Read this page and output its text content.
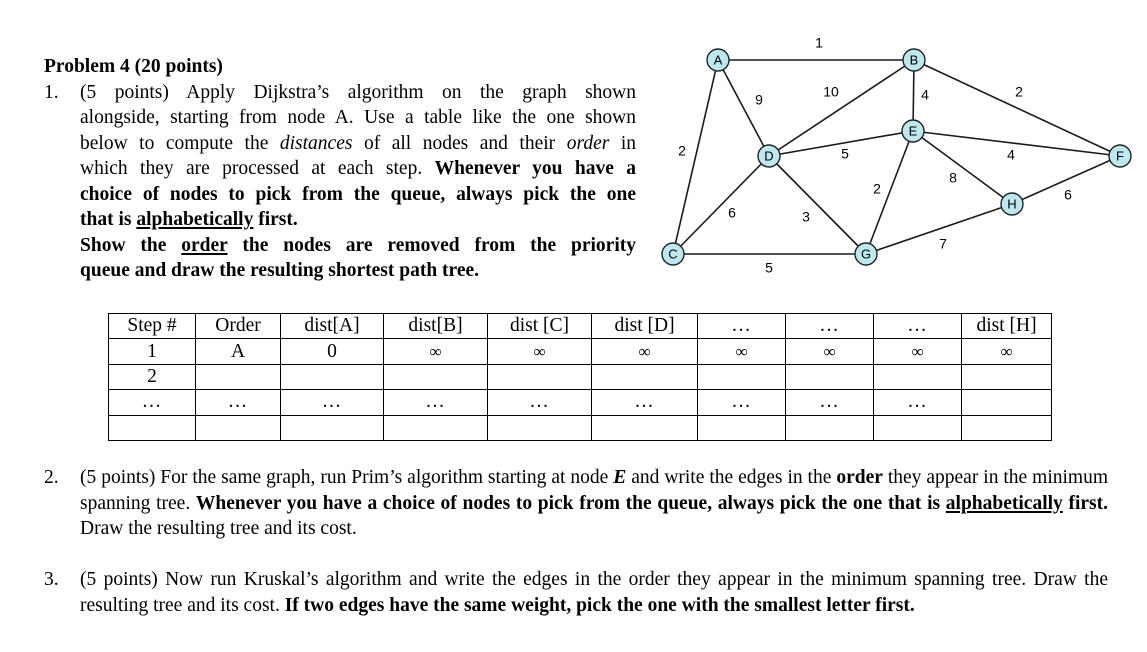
Problem 4 (20 points)
1. (5 points) Apply Dijkstra’s algorithm on the graph shown
alongside, starting from node A. Use a table like the one shown
below to compute the distances of all nodes and their order in
which they are processed at each step. Whenever you have a
choice of nodes to pick from the queue, always pick the one
that is alphabetically first.
Show the order the nodes are removed from the priority
queue and draw the resulting shortest path tree.
1
9
2
10	4	2
5	4
8
2
6	3
5
7
6
A	B
C
D
E
F
G
H
Step #	Order	dist[A]	dist[B]	dist [C]	dist [D]	…	…	…	dist [H]
1	A	0	∞	∞	∞	∞	∞	∞	∞
2									
…	…	…	…	…	…	…	…	…	

2. (5 points) For the same graph, run Prim’s algorithm starting at node E and write the edges in the order they appear in the minimum spanning tree. Whenever you have a choice of nodes to pick from the queue, always pick the one that is alphabetically first. Draw the resulting tree and its cost.
3. (5 points) Now run Kruskal’s algorithm and write the edges in the order they appear in the minimum spanning tree. Draw the resulting tree and its cost. If two edges have the same weight, pick the one with the smallest letter first.
